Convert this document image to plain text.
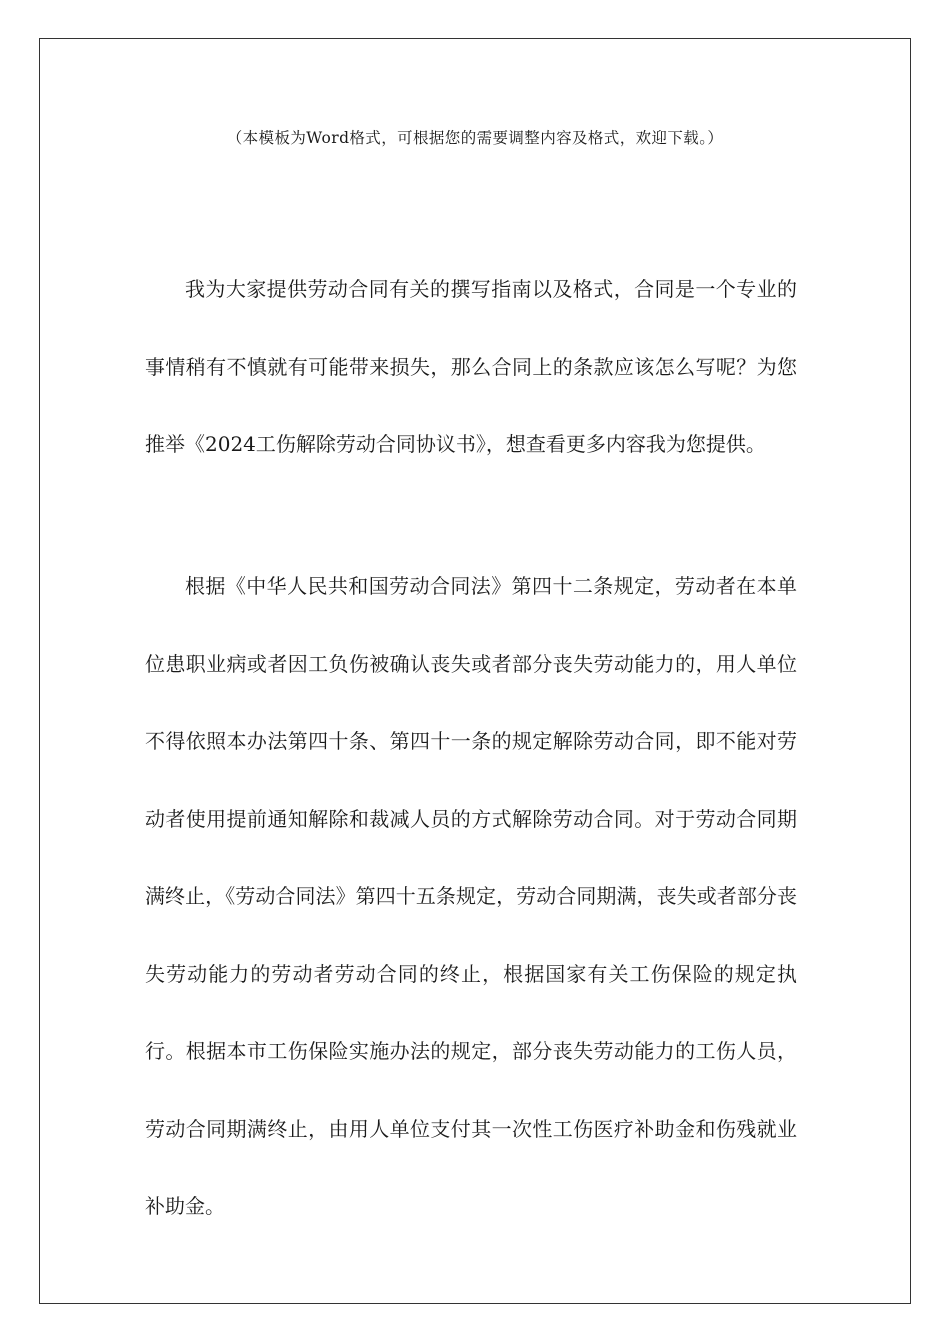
（本模板为Word格式，可根据您的需要调整内容及格式，欢迎下载。）

我为大家提供劳动合同有关的撰写指南以及格式，合同是一个专业的事情稍有不慎就有可能带来损失，那么合同上的条款应该怎么写呢？为您推举《2024工伤解除劳动合同协议书》，想查看更多内容我为您提供。

根据《中华人民共和国劳动合同法》第四十二条规定，劳动者在本单位患职业病或者因工负伤被确认丧失或者部分丧失劳动能力的，用人单位不得依照本办法第四十条、第四十一条的规定解除劳动合同，即不能对劳动者使用提前通知解除和裁减人员的方式解除劳动合同。对于劳动合同期满终止，《劳动合同法》第四十五条规定，劳动合同期满，丧失或者部分丧失劳动能力的劳动者劳动合同的终止，根据国家有关工伤保险的规定执行。根据本市工伤保险实施办法的规定，部分丧失劳动能力的工伤人员，劳动合同期满终止，由用人单位支付其一次性工伤医疗补助金和伤残就业补助金。
